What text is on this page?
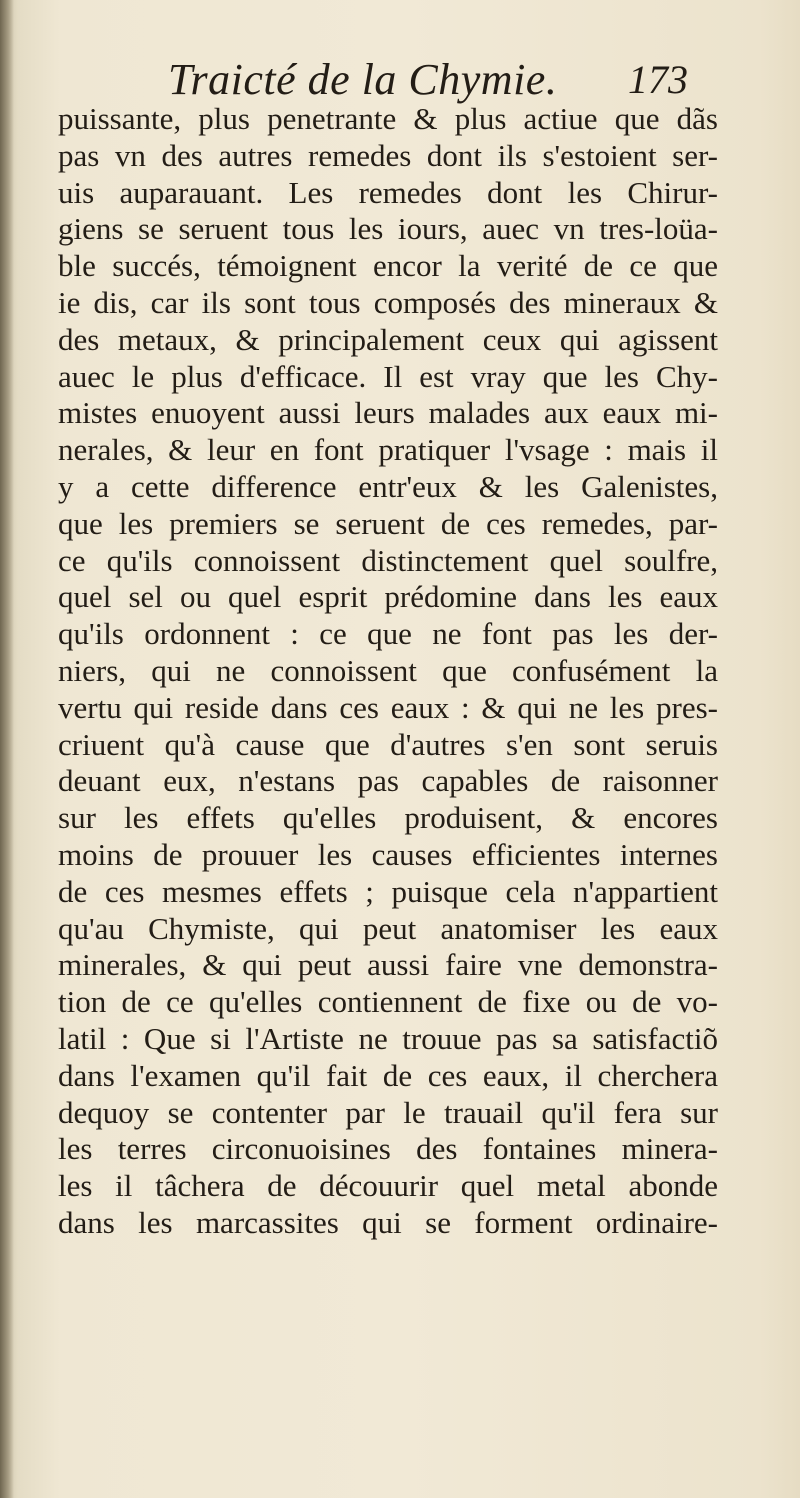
Traicté de la Chymie. 173
puissante, plus penetrante & plus actiue que dãs
pas vn des autres remedes dont ils s'estoient ser-
uis auparauant. Les remedes dont les Chirur-
giens se seruent tous les iours, auec vn tres-loüa-
ble succés, témoignent encor la verité de ce que
ie dis, car ils sont tous composés des mineraux &
des metaux, & principalement ceux qui agissent
auec le plus d'efficace. Il est vray que les Chy-
mistes enuoyent aussi leurs malades aux eaux mi-
nerales, & leur en font pratiquer l'vsage : mais il
y a cette difference entr'eux & les Galenistes,
que les premiers se seruent de ces remedes, par-
ce qu'ils connoissent distinctement quel soulfre,
quel sel ou quel esprit prédomine dans les eaux
qu'ils ordonnent : ce que ne font pas les der-
niers, qui ne connoissent que confusément la
vertu qui reside dans ces eaux : & qui ne les pres-
criuent qu'à cause que d'autres s'en sont seruis
deuant eux, n'estans pas capables de raisonner
sur les effets qu'elles produisent, & encores
moins de prouuer les causes efficientes internes
de ces mesmes effets ; puisque cela n'appartient
qu'au Chymiste, qui peut anatomiser les eaux
minerales, & qui peut aussi faire vne demonstra-
tion de ce qu'elles contiennent de fixe ou de vo-
latil : Que si l'Artiste ne trouue pas sa satisfactiõ
dans l'examen qu'il fait de ces eaux, il cherchera
dequoy se contenter par le trauail qu'il fera sur
les terres circonuoisines des fontaines minera-
les il tâchera de découurir quel metal abonde
dans les marcassites qui se forment ordinaire-
